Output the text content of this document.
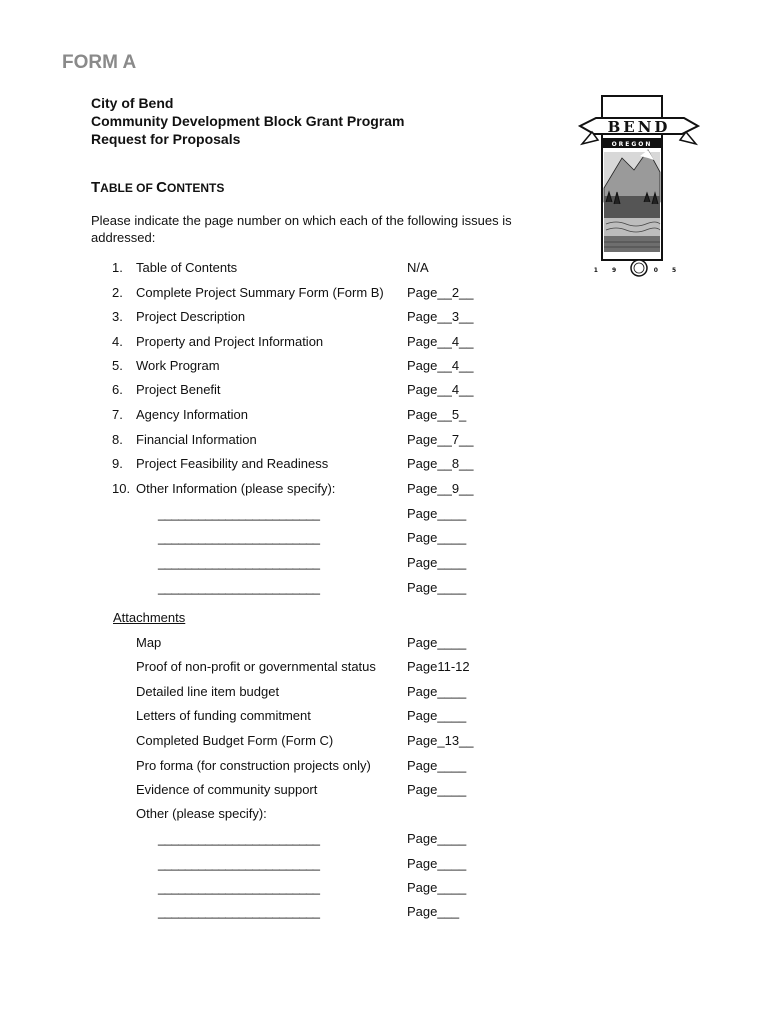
FORM A
City of Bend
Community Development Block Grant Program
Request for Proposals
TABLE OF CONTENTS
Please indicate the page number on which each of the following issues is addressed:
1. Table of Contents	N/A
2. Complete Project Summary Form (Form B) Page__2__
3. Project Description	Page__3__
4. Property and Project Information	Page__4__
5. Work Program	Page__4__
6. Project Benefit	Page__4__
7. Agency Information	Page__5_
8. Financial Information	Page__7__
9. Project Feasibility and Readiness	Page__8__
10. Other Information (please specify):	Page__9__
________________________	Page____
________________________	Page____
________________________	Page____
________________________	Page____
Attachments
Map	Page____
Proof of non-profit or governmental status Page11-12
Detailed line item budget	Page____
Letters of funding commitment	Page____
Completed Budget Form (Form C)	Page_13__
Pro forma (for construction projects only)	Page____
Evidence of community support	Page____
Other (please specify):
________________________	Page____
________________________	Page____
________________________	Page____
________________________	Page___
BEND
OREGON
1 9	0 5
